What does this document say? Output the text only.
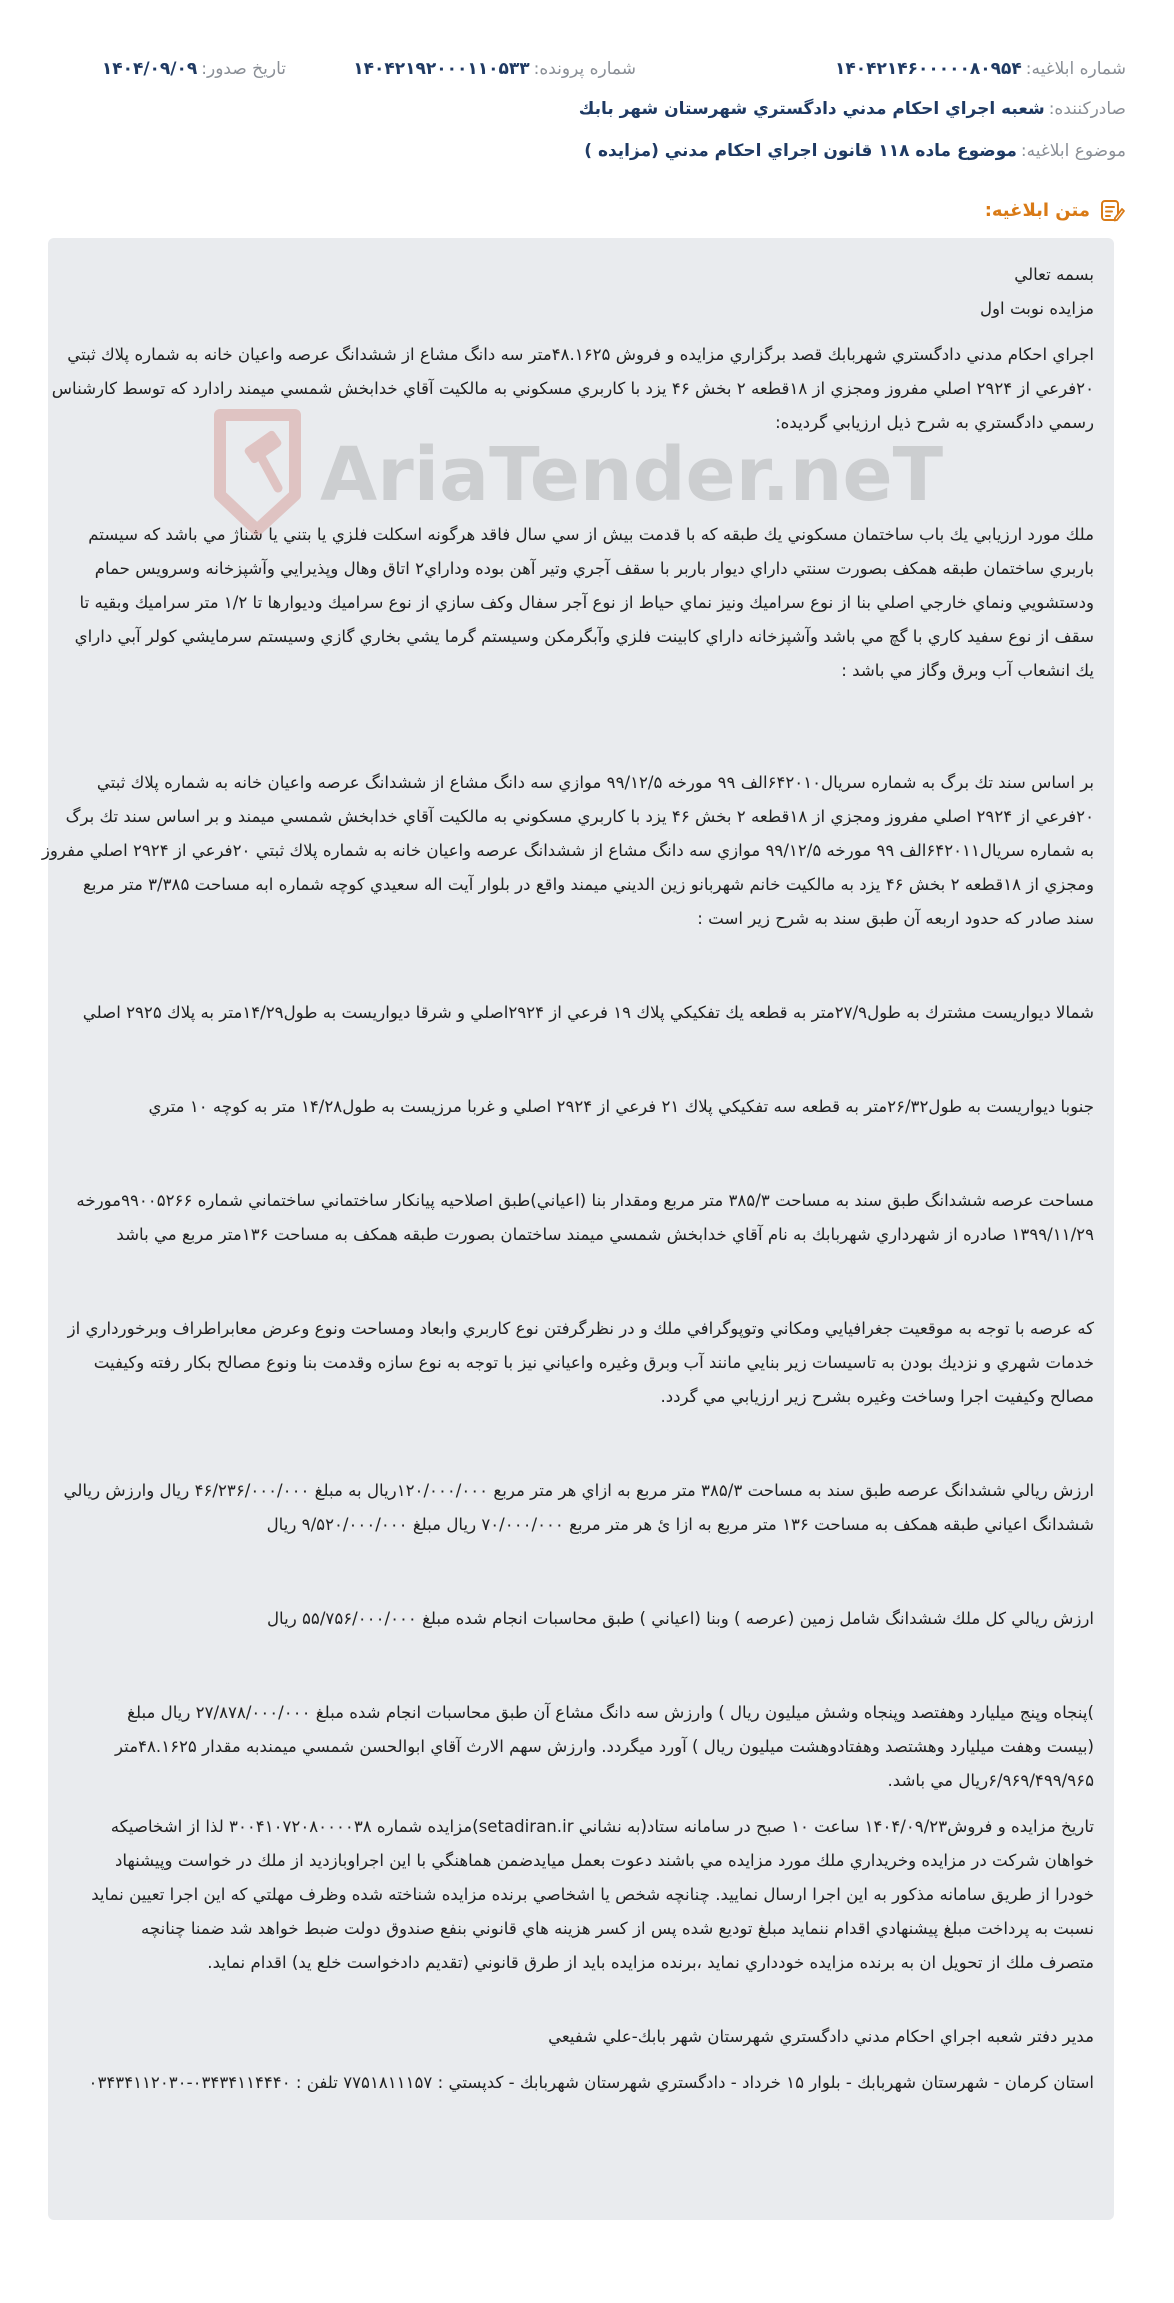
شماره ابلاغيه:
۱۴۰۴۲۱۴۶۰۰۰۰۰۸۰۹۵۴
شماره پرونده:
۱۴۰۴۲۱۹۲۰۰۰۱۱۰۵۳۳
تاريخ صدور:
۱۴۰۴/۰۹/۰۹
صادرکننده:
شعبه اجراي احكام مدني دادگستري شهرستان شهر بابك
موضوع ابلاغيه:
موضوع ماده ۱۱۸ قانون اجراي احكام مدني (مزايده )
متن ابلاغيه:

بسمه تعالي
مزايده نوبت اول

اجراي احكام مدني دادگستري شهربابك قصد برگزاري مزايده و فروش ۴۸.۱۶۲۵متر سه دانگ مشاع از ششدانگ عرصه واعيان خانه به شماره پلاك ثبتي
۲۰فرعي از ۲۹۲۴ اصلي مفروز ومجزي از ۱۸قطعه ۲ بخش ۴۶ يزد با كاربري مسكوني به مالكيت آقاي خدابخش شمسي ميمند رادارد كه توسط كارشناس
رسمي دادگستري به شرح ذيل ارزيابي گرديده:

ملك مورد ارزيابي يك باب ساختمان مسكوني يك طبقه كه با قدمت بيش از سي سال فاقد هرگونه اسكلت فلزي يا بتني يا شناژ مي باشد كه سيستم
باربري ساختمان طبقه همكف بصورت سنتي داراي ديوار باربر با سقف آجري وتير آهن بوده وداراي۲ اتاق وهال وپذيرايي وآشپزخانه وسرويس حمام
ودستشويي ونماي خارجي اصلي بنا از نوع سراميك ونيز نماي حياط از نوع آجر سفال وكف سازي از نوع سراميك وديوارها تا ۱/۲ متر سراميك وبقيه تا
سقف از نوع سفيد كاري با گچ مي باشد وآشپزخانه داراي كابينت فلزي وآبگرمكن وسيستم گرما يشي بخاري گازي وسيستم سرمايشي كولر آبي داراي
يك انشعاب آب وبرق وگاز مي باشد :

بر اساس سند تك برگ به شماره سريال۶۴۲۰۱۰الف ۹۹ مورخه ۹۹/۱۲/۵ موازي سه دانگ مشاع از ششدانگ عرصه واعيان خانه به شماره پلاك ثبتي
۲۰فرعي از ۲۹۲۴ اصلي مفروز ومجزي از ۱۸قطعه ۲ بخش ۴۶ يزد با كاربري مسكوني به مالكيت آقاي خدابخش شمسي ميمند و بر اساس سند تك برگ
به شماره سريال۶۴۲۰۱۱الف ۹۹ مورخه ۹۹/۱۲/۵ موازي سه دانگ مشاع از ششدانگ عرصه واعيان خانه به شماره پلاك ثبتي ۲۰فرعي از ۲۹۲۴ اصلي مفروز
ومجزي از ۱۸قطعه ۲ بخش ۴۶ يزد به مالكيت خانم شهربانو زين الديني ميمند واقع در بلوار آيت اله سعيدي كوچه شماره ابه مساحت ۳/۳۸۵ متر مربع
سند صادر كه حدود اربعه آن طبق سند به شرح زير است :

شمالا ديواريست مشترك به طول۲۷/۹متر به قطعه يك تفكيكي پلاك ۱۹ فرعي از ۲۹۲۴اصلي و شرقا ديواريست به طول۱۴/۲۹متر به پلاك ۲۹۲۵ اصلي

جنوبا ديواريست به طول۲۶/۳۲متر به قطعه سه تفكيكي پلاك ۲۱ فرعي از ۲۹۲۴ اصلي و غربا مرزيست به طول۱۴/۲۸ متر به كوچه ۱۰ متري

مساحت عرصه ششدانگ طبق سند به مساحت ۳۸۵/۳ متر مربع ومقدار بنا (اعياني)طبق اصلاحيه پيانكار ساختماني ساختماني شماره ۹۹۰۰۵۲۶۶مورخه
۱۳۹۹/۱۱/۲۹ صادره از شهرداري شهربابك به نام آقاي خدابخش شمسي ميمند ساختمان بصورت طبقه همكف به مساحت ۱۳۶متر مربع مي باشد

كه عرصه با توجه به موقعيت جغرافيايي ومكاني وتوپوگرافي ملك و در نظرگرفتن نوع كاربري وابعاد ومساحت ونوع وعرض معابراطراف وبرخورداري از
خدمات شهري و نزديك بودن به تاسيسات زير بنايي مانند آب وبرق وغيره واعياني نيز با توجه به نوع سازه وقدمت بنا ونوع مصالح بكار رفته وكيفيت
مصالح وكيفيت اجرا وساخت وغيره بشرح زير ارزيابي مي گردد.

ارزش ريالي ششدانگ عرصه طبق سند به مساحت ۳۸۵/۳ متر مربع به ازاي هر متر مربع ۱۲۰/۰۰۰/۰۰۰ريال به مبلغ ۴۶/۲۳۶/۰۰۰/۰۰۰ ريال وارزش ريالي
ششدانگ اعياني طبقه همكف به مساحت ۱۳۶ متر مربع به ازا ئ هر متر مربع ۷۰/۰۰۰/۰۰۰ ريال مبلغ ۹/۵۲۰/۰۰۰/۰۰۰ ريال

ارزش ريالي كل ملك ششدانگ شامل زمين (عرصه ) وبنا (اعياني ) طبق محاسبات انجام شده مبلغ ۵۵/۷۵۶/۰۰۰/۰۰۰ ريال

)پنجاه وپنج ميليارد وهفتصد وپنجاه وشش ميليون ريال ) وارزش سه دانگ مشاع آن طبق محاسبات انجام شده مبلغ ۲۷/۸۷۸/۰۰۰/۰۰۰ ريال مبلغ
(بيست وهفت ميليارد وهشتصد وهفتادوهشت ميليون ريال ) آورد ميگردد. وارزش سهم الارث آقاي ابوالحسن شمسي ميمندبه مقدار ۴۸.۱۶۲۵متر
۶/۹۶۹/۴۹۹/۹۶۵ريال مي باشد.

تاريخ مزايده و فروش۱۴۰۴/۰۹/۲۳ ساعت ۱۰ صبح در سامانه ستاد(به نشاني setadiran.ir)مزايده شماره ۳۰۰۴۱۰۷۲۰۸۰۰۰۰۳۸ لذا از اشخاصيكه
خواهان شركت در مزايده وخريداري ملك مورد مزايده مي باشند دعوت بعمل ميايدضمن هماهنگي با اين اجراوبازديد از ملك در خواست وپيشنهاد
خودرا از طريق سامانه مذكور به اين اجرا ارسال نماييد. چنانچه شخص يا اشخاصي برنده مزايده شناخته شده وظرف مهلتي كه اين اجرا تعيين نمايد
نسبت به پرداخت مبلغ پيشنهادي اقدام ننمايد مبلغ توديع شده پس از كسر هزينه هاي قانوني بنفع صندوق دولت ضبط خواهد شد ضمنا چنانچه
متصرف ملك از تحويل ان به برنده مزايده خودداري نمايد ،برنده مزايده بايد از طرق قانوني (تقديم دادخواست خلع يد) اقدام نمايد.

مدير دفتر شعبه اجراي احكام مدني دادگستري شهرستان شهر بابك-علي شفيعي

استان كرمان - شهرستان شهربابك - بلوار ۱۵ خرداد - دادگستري شهرستان شهربابك - كدپستي : ۷۷۵۱۸۱۱۱۵۷ تلفن : ۰۳۴۳۴۱۱۴۴۴۰-۰۳۴۳۴۱۱۲۰۳۰

AriaTender.neT
